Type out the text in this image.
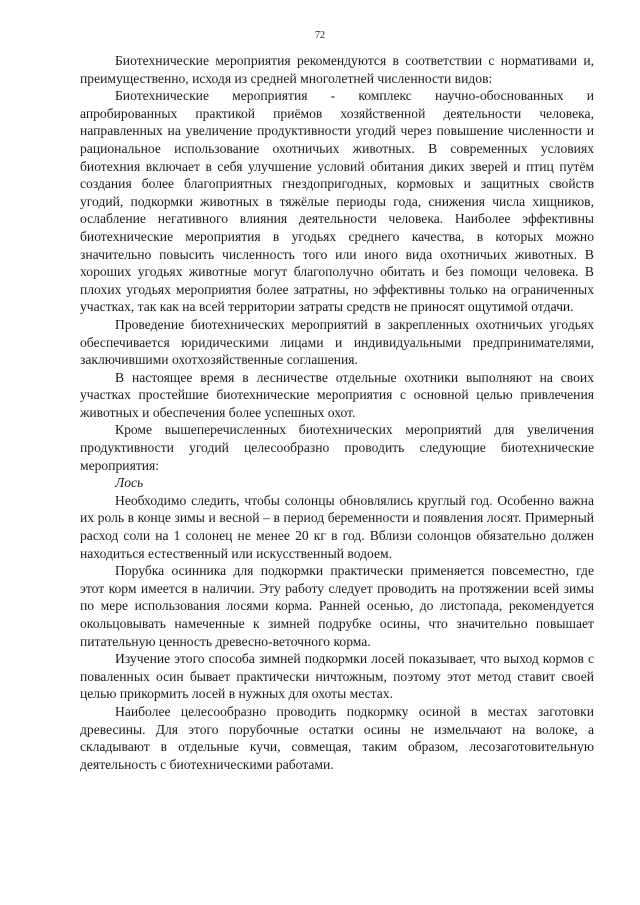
72

Биотехнические мероприятия рекомендуются в соответствии с нормативами и, преимущественно, исходя из средней многолетней численности видов:

Биотехнические мероприятия - комплекс научно-обоснованных и апробированных практикой приёмов хозяйственной деятельности человека, направленных на увеличение продуктивности угодий через повышение численности и рациональное использование охотничьих животных. В современных условиях биотехния включает в себя улучшение условий обитания диких зверей и птиц путём создания более благоприятных гнездопригодных, кормовых и защитных свойств угодий, подкормки животных в тяжёлые периоды года, снижения числа хищников, ослабление негативного влияния деятельности человека. Наиболее эффективны биотехнические мероприятия в угодьях среднего качества, в которых можно значительно повысить численность того или иного вида охотничьих животных. В хороших угодьях животные могут благополучно обитать и без помощи человека. В плохих угодьях мероприятия более затратны, но эффективны только на ограниченных участках, так как на всей территории затраты средств не приносят ощутимой отдачи.

Проведение биотехнических мероприятий в закрепленных охотничьих угодьях обеспечивается юридическими лицами и индивидуальными предпринимателями, заключившими охотхозяйственные соглашения.

В настоящее время в лесничестве отдельные охотники выполняют на своих участках простейшие биотехнические мероприятия с основной целью привлечения животных и обеспечения более успешных охот.

Кроме вышеперечисленных биотехнических мероприятий для увеличения продуктивности угодий целесообразно проводить следующие биотехнические мероприятия:

Лось

Необходимо следить, чтобы солонцы обновлялись круглый год. Особенно важна их роль в конце зимы и весной – в период беременности и появления лосят. Примерный расход соли на 1 солонец не менее 20 кг в год. Вблизи солонцов обязательно должен находиться естественный или искусственный водоем.

Порубка осинника для подкормки практически применяется повсеместно, где этот корм имеется в наличии. Эту работу следует проводить на протяжении всей зимы по мере использования лосями корма. Ранней осенью, до листопада, рекомендуется окольцовывать намеченные к зимней подрубке осины, что значительно повышает питательную ценность древесно-веточного корма.

Изучение этого способа зимней подкормки лосей показывает, что выход кормов с поваленных осин бывает практически ничтожным, поэтому этот метод ставит своей целью прикормить лосей в нужных для охоты местах.

Наиболее целесообразно проводить подкормку осиной в местах заготовки древесины. Для этого порубочные остатки осины не измельчают на волоке, а складывают в отдельные кучи, совмещая, таким образом, лесозаготовительную деятельность с биотехническими работами.
